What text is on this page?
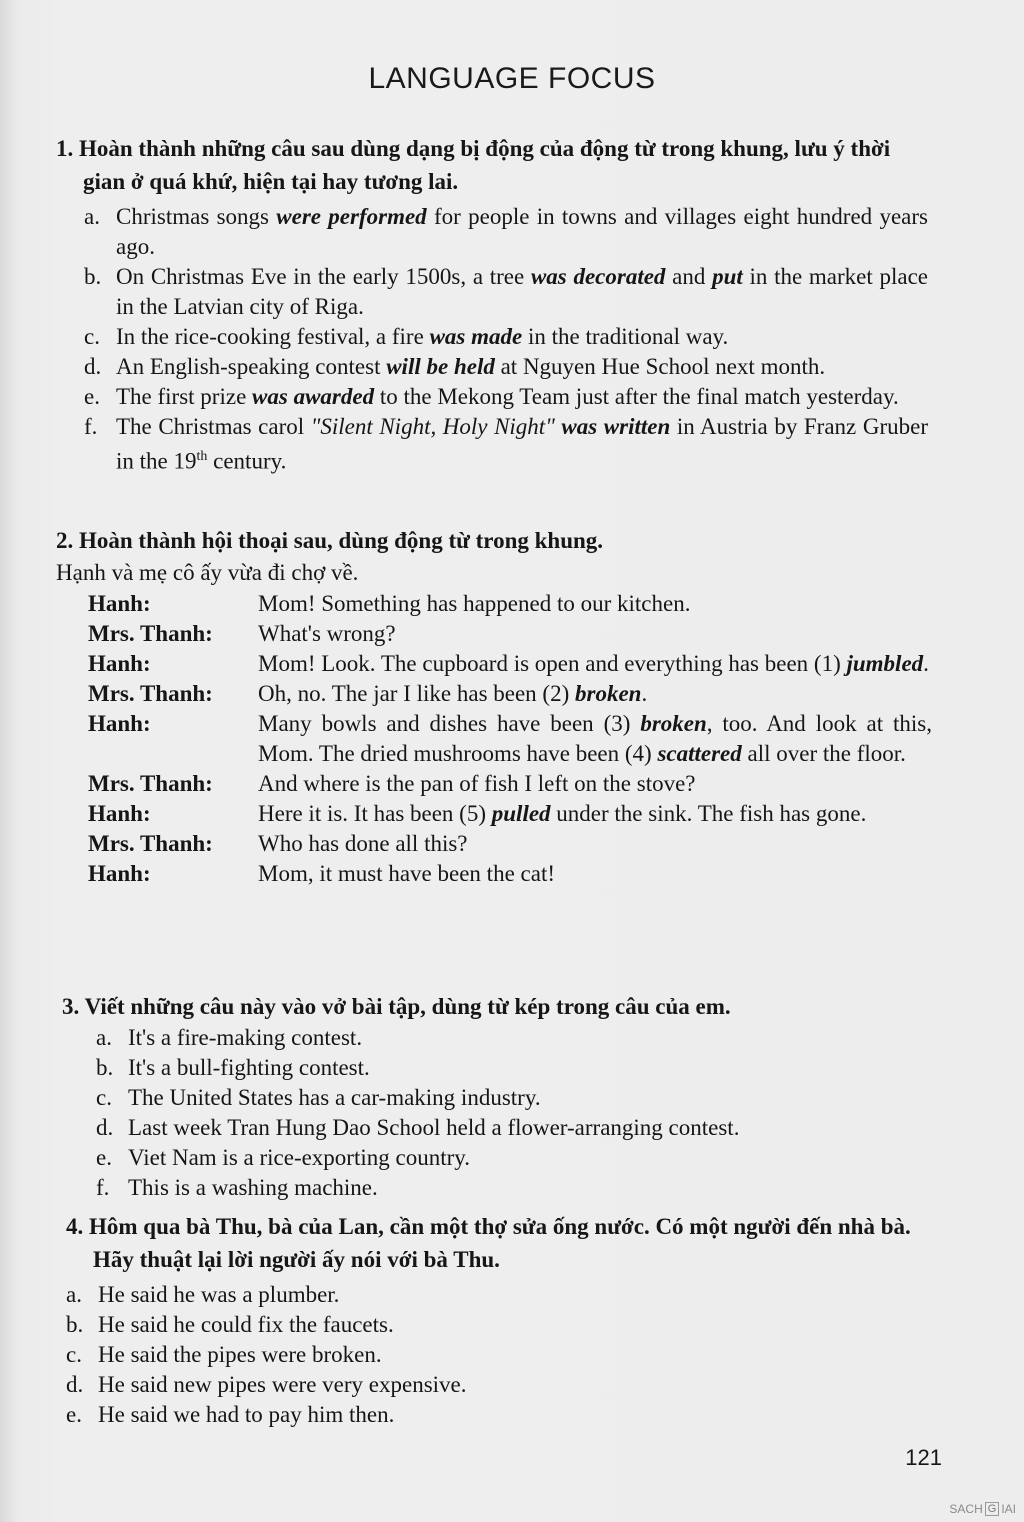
LANGUAGE FOCUS
1. Hoàn thành những câu sau dùng dạng bị động của động từ trong khung, lưu ý thời gian ở quá khứ, hiện tại hay tương lai.
a. Christmas songs were performed for people in towns and villages eight hundred years ago.
b. On Christmas Eve in the early 1500s, a tree was decorated and put in the market place in the Latvian city of Riga.
c. In the rice-cooking festival, a fire was made in the traditional way.
d. An English-speaking contest will be held at Nguyen Hue School next month.
e. The first prize was awarded to the Mekong Team just after the final match yesterday.
f. The Christmas carol "Silent Night, Holy Night" was written in Austria by Franz Gruber in the 19th century.
2. Hoàn thành hội thoại sau, dùng động từ trong khung.
Hạnh và mẹ cô ấy vừa đi chợ về.
Hanh:	Mom! Something has happened to our kitchen.
Mrs. Thanh:	What's wrong?
Hanh:	Mom! Look. The cupboard is open and everything has been (1) jumbled.
Mrs. Thanh:	Oh, no. The jar I like has been (2) broken.
Hanh:	Many bowls and dishes have been (3) broken, too. And look at this, Mom. The dried mushrooms have been (4) scattered all over the floor.
Mrs. Thanh:	And where is the pan of fish I left on the stove?
Hanh:	Here it is. It has been (5) pulled under the sink. The fish has gone.
Mrs. Thanh:	Who has done all this?
Hanh:	Mom, it must have been the cat!
3. Viết những câu này vào vở bài tập, dùng từ kép trong câu của em.
a. It's a fire-making contest.
b. It's a bull-fighting contest.
c. The United States has a car-making industry.
d. Last week Tran Hung Dao School held a flower-arranging contest.
e. Viet Nam is a rice-exporting country.
f. This is a washing machine.
4. Hôm qua bà Thu, bà của Lan, cần một thợ sửa ống nước. Có một người đến nhà bà. Hãy thuật lại lời người ấy nói với bà Thu.
a. He said he was a plumber.
b. He said he could fix the faucets.
c. He said the pipes were broken.
d. He said new pipes were very expensive.
e. He said we had to pay him then.
121
SACH G IAI
